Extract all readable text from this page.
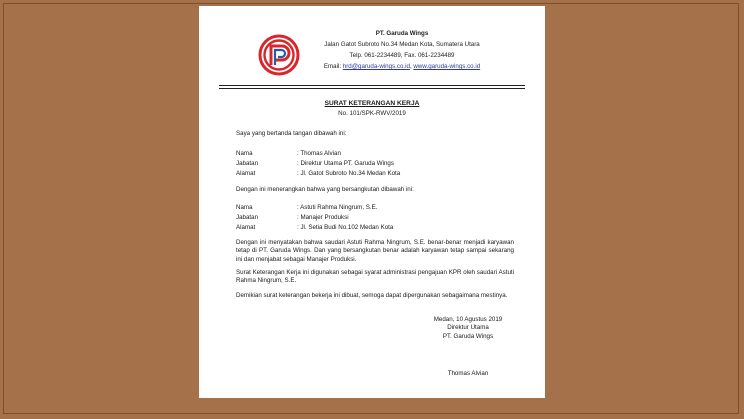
PT. Garuda Wings
Jalan Gatot Subroto No.34 Medan Kota, Sumatera Utara
Telp. 061-2234489, Fax. 061-2234489
Email: hrd@garuda-wings.co.id, www.garuda-wings.co.id
SURAT KETERANGAN KERJA
No. 101/SPK-RWV/2019
Saya yang bertanda tangan dibawah ini:
Nama	: Thomas Alvian
Jabatan	: Direktur Utama PT. Garuda Wings
Alamat	: Jl. Gatot Subroto No.34 Medan Kota
Dengan ini menerangkan bahwa yang bersangkutan dibawah ini:
Nama	: Astuti Rahma Ningrum, S.E.
Jabatan	: Manajer Produksi
Alamat	: Jl. Setia Budi No.102 Medan Kota
Dengan ini menyatakan bahwa saudari Astuti Rahma Ningrum, S.E. benar-benar menjadi karyawan tetap di PT. Garuda Wings. Dan yang bersangkutan benar adalah karyawan tetap sampai sekarang ini dan menjabat sebagai Manajer Produksi.
Surat Keterangan Kerja ini digunakan sebagai syarat administrasi pengajuan KPR oleh saudari Astuti Rahma Ningrum, S.E.
Demikian surat keterangan bekerja ini dibuat, semoga dapat dipergunakan sebagaimana mestinya.
Medan, 10 Agustus 2019
Direktur Utama
PT. Garuda Wings
Thomas Alvian
